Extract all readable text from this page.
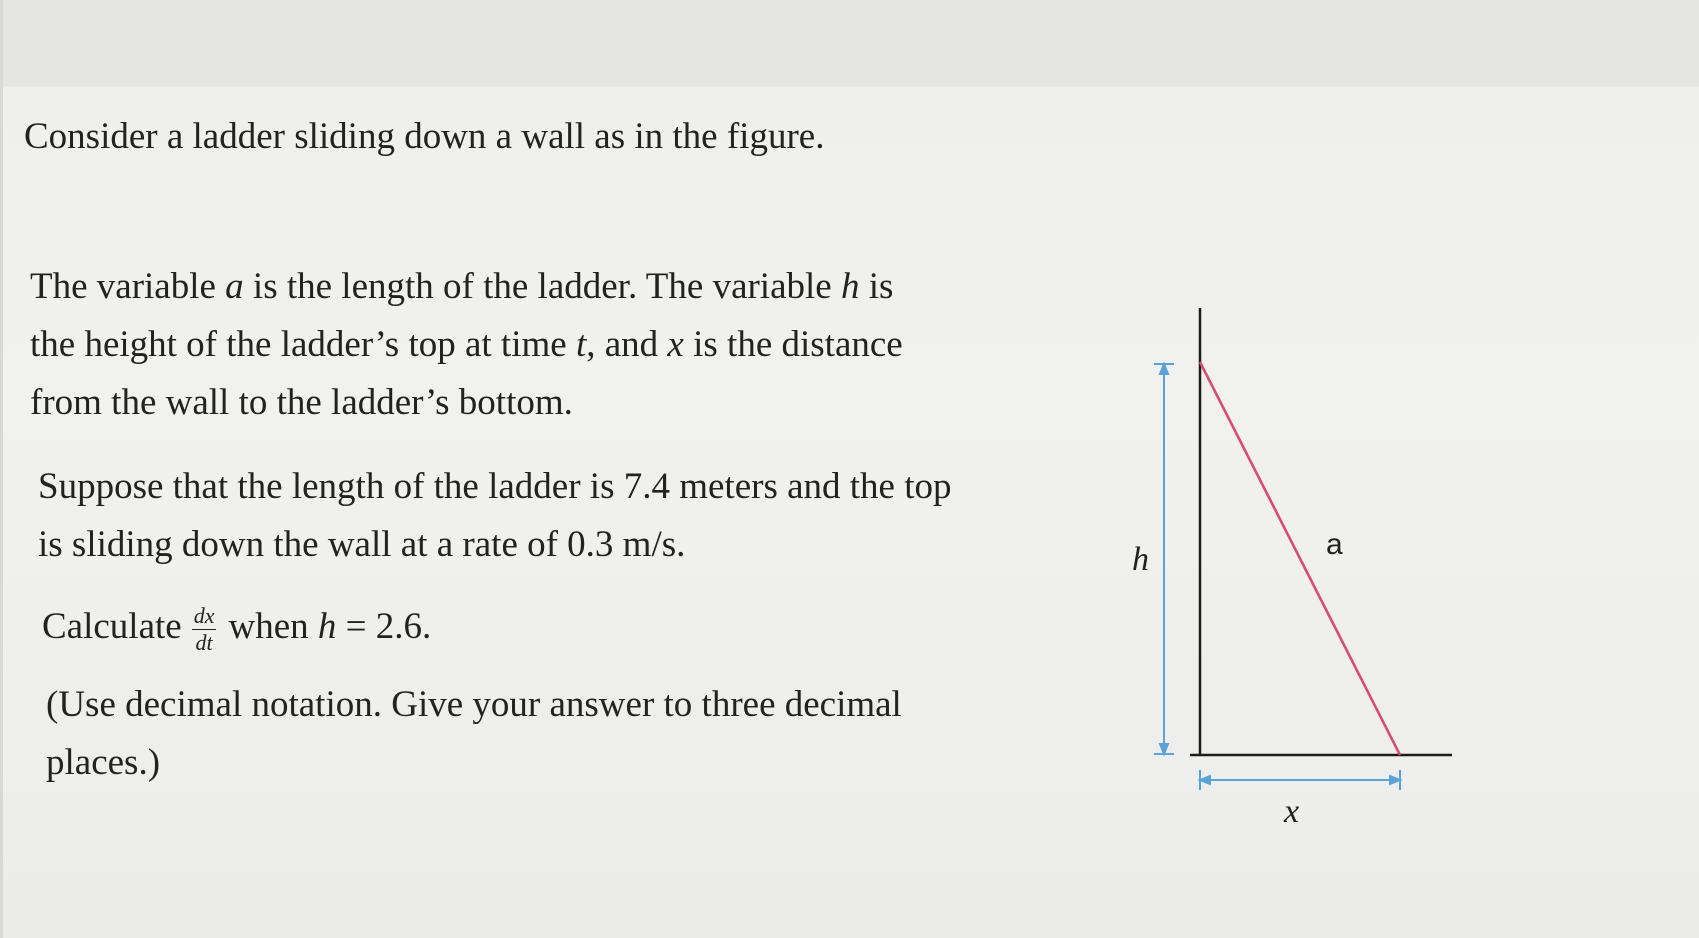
Consider a ladder sliding down a wall as in the figure.
The variable a is the length of the ladder. The variable h is
the height of the ladder’s top at time t, and x is the distance
from the wall to the ladder’s bottom.
Suppose that the length of the ladder is 7.4 meters and the top
is sliding down the wall at a rate of 0.3 m/s.
Calculate $\frac{dx}{dt}$ when h = 2.6.
(Use decimal notation. Give your answer to three decimal
places.)
h	a
x
